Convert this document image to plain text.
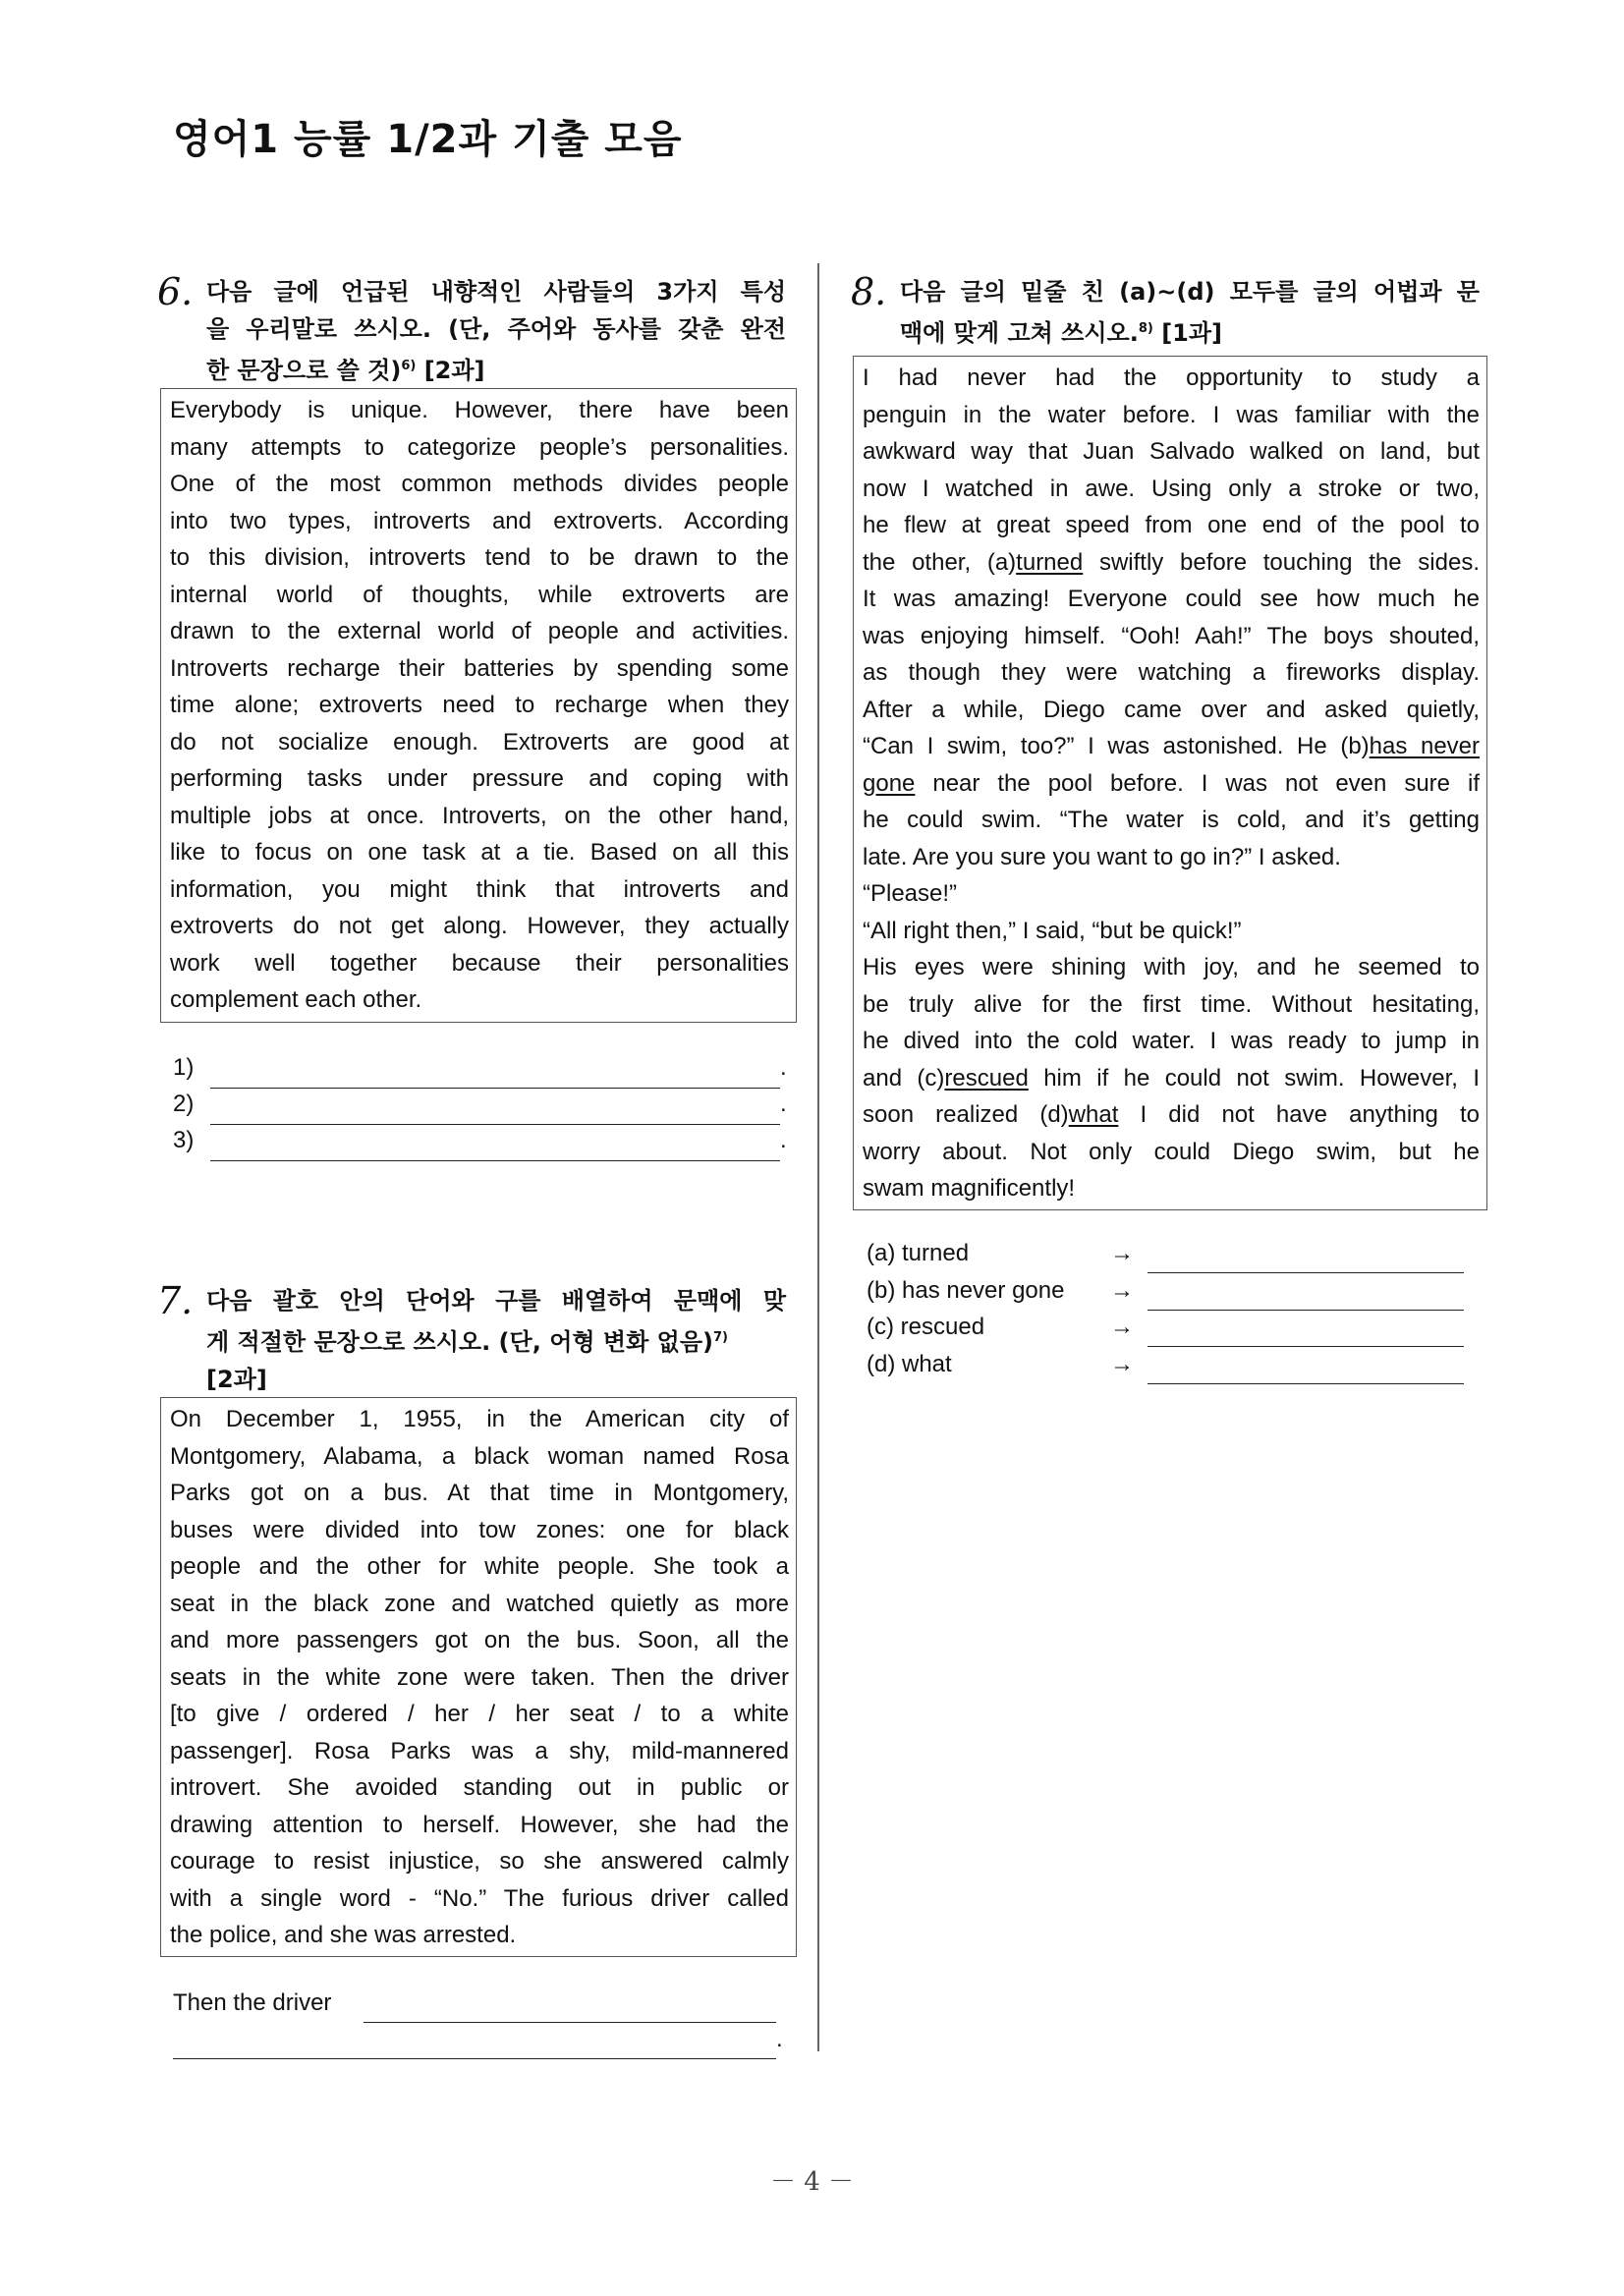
영어1 능률 1/2과 기출 모음
6. 다음 글에 언급된 내향적인 사람들의 3가지 특성
을 우리말로 쓰시오. (단, 주어와 동사를 갖춘 완전
한 문장으로 쓸 것)$^{6)}$ [2과]
Everybody is unique. However, there have been
many attempts to categorize people’s personalities.
One of the most common methods divides people
into two types, introverts and extroverts. According
to this division, introverts tend to be drawn to the
internal world of thoughts, while extroverts are
drawn to the external world of people and activities.
Introverts recharge their batteries by spending some
time alone; extroverts need to recharge when they
do not socialize enough. Extroverts are good at
performing tasks under pressure and coping with
multiple jobs at once. Introverts, on the other hand,
like to focus on one task at a tie. Based on all this
information, you might think that introverts and
extroverts do not get along. However, they actually
work well together because their personalities
complement each other.
1)	.
2)	.
3)	.
7. 다음 괄호 안의 단어와 구를 배열하여 문맥에 맞
게 적절한 문장으로 쓰시오. (단, 어형 변화 없음)$^{7)}$
[2과]
On December 1, 1955, in the American city of
Montgomery, Alabama, a black woman named Rosa
Parks got on a bus. At that time in Montgomery,
buses were divided into tow zones: one for black
people and the other for white people. She took a
seat in the black zone and watched quietly as more
and more passengers got on the bus. Soon, all the
seats in the white zone were taken. Then the driver
[to give / ordered / her / her seat / to a white
passenger]. Rosa Parks was a shy, mild-mannered
introvert. She avoided standing out in public or
drawing attention to herself. However, she had the
courage to resist injustice, so she answered calmly
with a single word - “No.” The furious driver called
the police, and she was arrested.
Then the driver
.
8. 다음 글의 밑줄 친 (a)~(d) 모두를 글의 어법과 문
맥에 맞게 고쳐 쓰시오.$^{8)}$ [1과]
I had never had the opportunity to study a
penguin in the water before. I was familiar with the
awkward way that Juan Salvado walked on land, but
now I watched in awe. Using only a stroke or two,
he flew at great speed from one end of the pool to
the other, (a)turned swiftly before touching the sides.
It was amazing! Everyone could see how much he
was enjoying himself. “Ooh! Aah!” The boys shouted,
as though they were watching a fireworks display.
After a while, Diego came over and asked quietly,
“Can I swim, too?” I was astonished. He (b)has never
gone near the pool before. I was not even sure if
he could swim. “The water is cold, and it’s getting
late. Are you sure you want to go in?” I asked.
“Please!”
“All right then,” I said, “but be quick!”
His eyes were shining with joy, and he seemed to
be truly alive for the first time. Without hesitating,
he dived into the cold water. I was ready to jump in
and (c)rescued him if he could not swim. However, I
soon realized (d)what I did not have anything to
worry about. Not only could Diego swim, but he
swam magnificently!
(a) turned	→
(b) has never gone →
(c) rescued	→
(d) what	→
－ 4 －
